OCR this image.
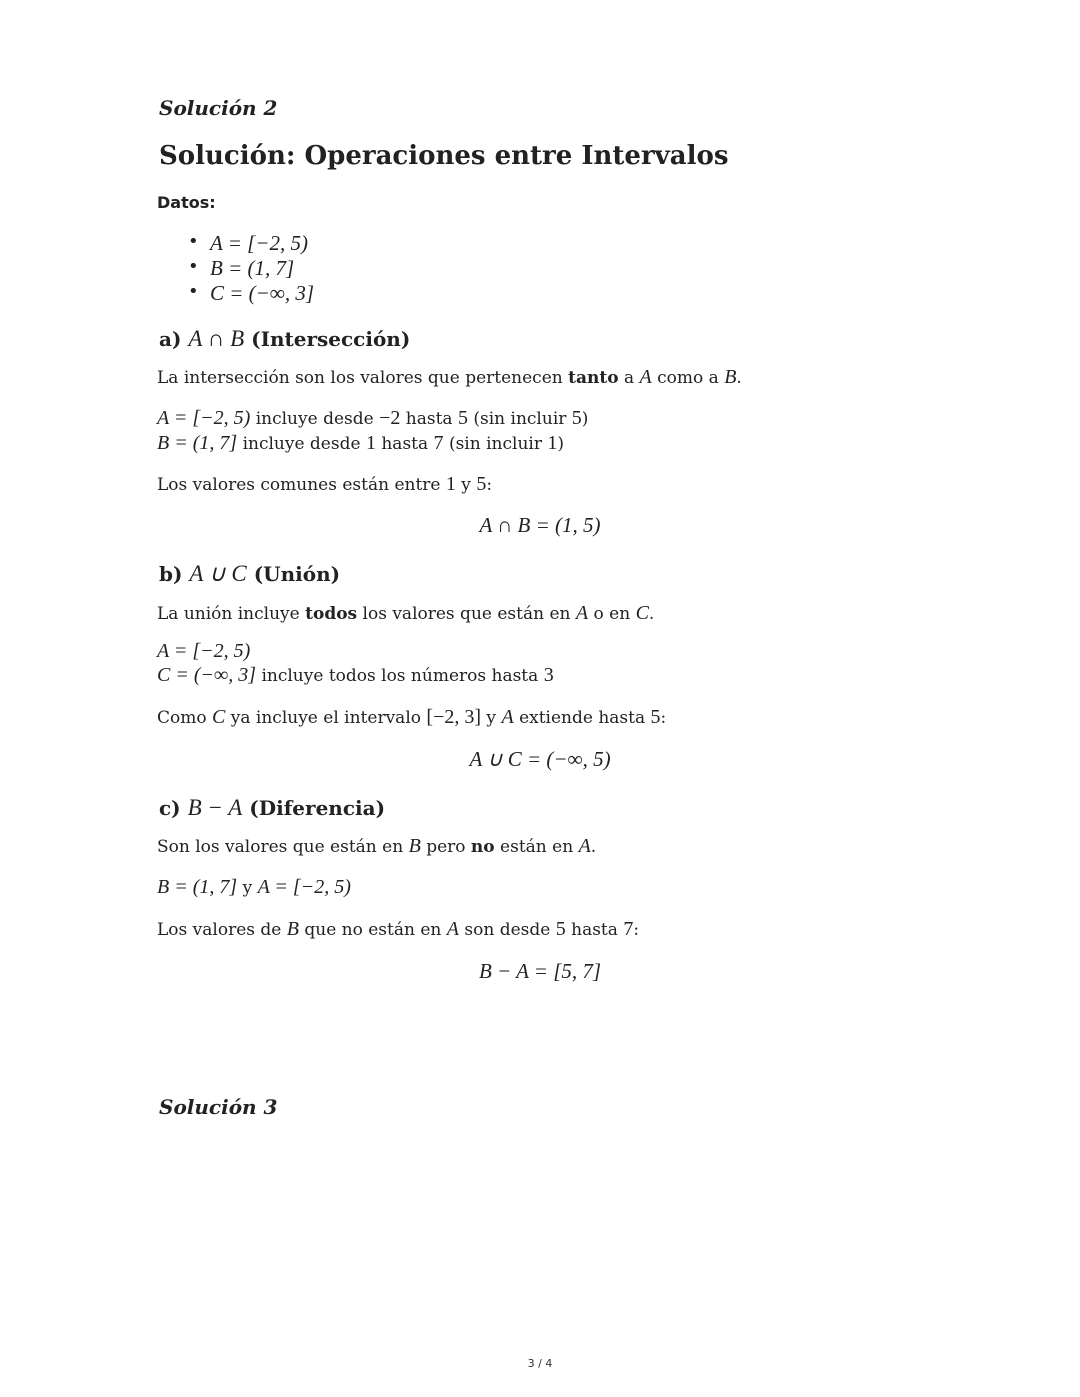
Solución 2
Solución: Operaciones entre Intervalos
Datos:
• A = [−2, 5)
• B = (1, 7]
• C = (−∞, 3]
a) A ∩ B (Intersección)
La intersección son los valores que pertenecen tanto a A como a B.
A = [−2, 5) incluye desde −2 hasta 5 (sin incluir 5)
B = (1, 7] incluye desde 1 hasta 7 (sin incluir 1)
Los valores comunes están entre 1 y 5:
A ∩ B = (1, 5)
b) A ∪ C (Unión)
La unión incluye todos los valores que están en A o en C.
A = [−2, 5)
C = (−∞, 3] incluye todos los números hasta 3
Como C ya incluye el intervalo [−2, 3] y A extiende hasta 5:
A ∪ C = (−∞, 5)
c) B − A (Diferencia)
Son los valores que están en B pero no están en A.
B = (1, 7] y A = [−2, 5)
Los valores de B que no están en A son desde 5 hasta 7:
B − A = [5, 7]
Solución 3
3 / 4
